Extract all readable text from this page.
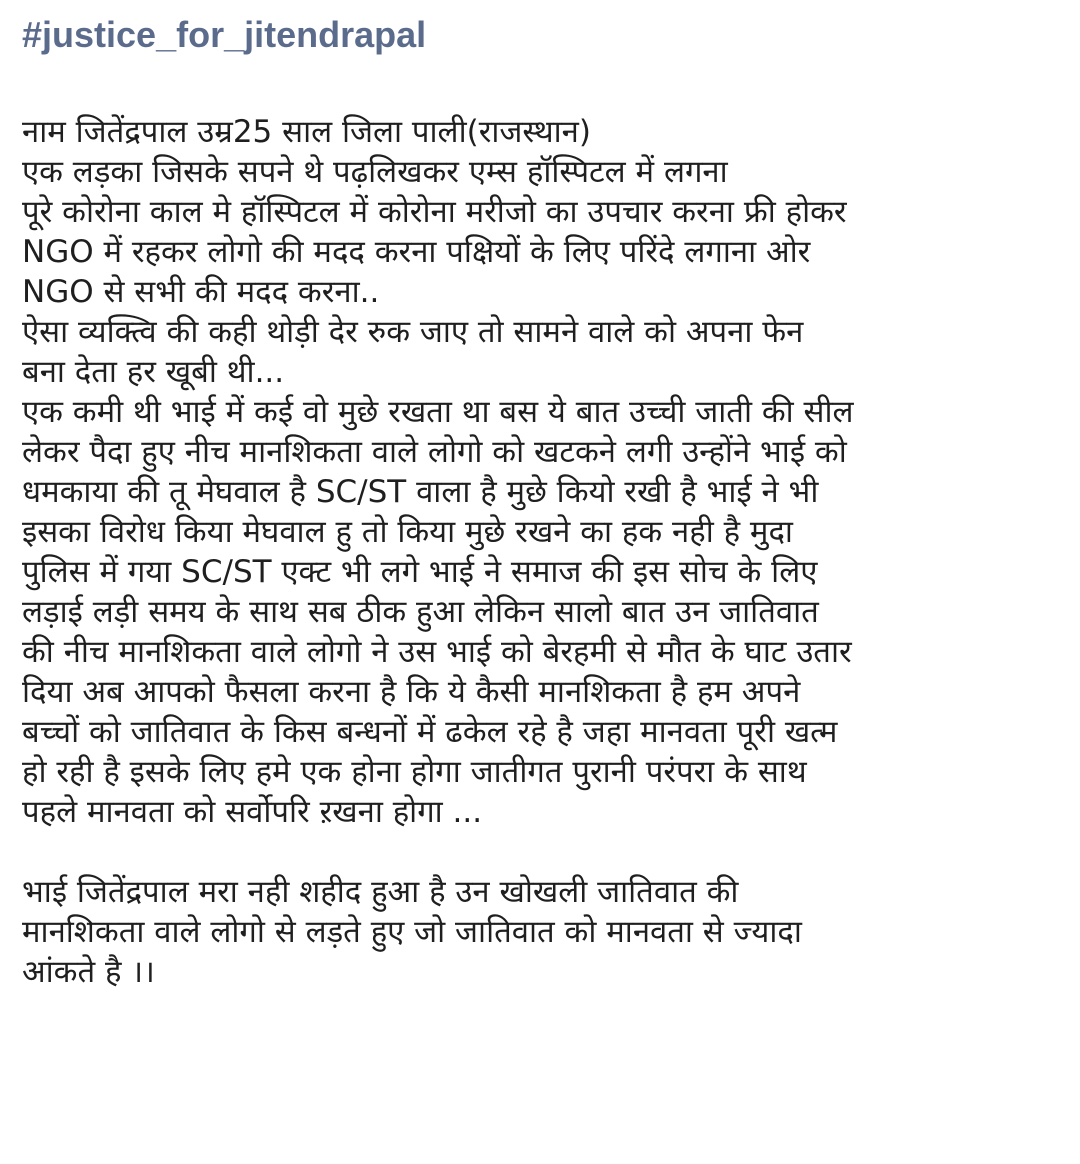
#justice_for_jitendrapal
नाम जितेंद्रपाल उम्र25 साल जिला पाली(राजस्थान)
एक लड़का जिसके सपने थे पढ़लिखकर एम्स हॉस्पिटल में लगना
पूरे कोरोना काल मे हॉस्पिटल में कोरोना मरीजो का उपचार करना फ्री होकर
NGO में रहकर लोगो की मदद करना पक्षियों के लिए परिंदे लगाना ओर
NGO से सभी की मदद करना..
ऐसा व्यक्त्वि की कही थोड़ी देर रुक जाए तो सामने वाले को अपना फेन
बना देता हर खूबी थी...
एक कमी थी भाई में कई वो मुछे रखता था बस ये बात उच्ची जाती की सील
लेकर पैदा हुए नीच मानशिकता वाले लोगो को खटकने लगी उन्होंने भाई को
धमकाया की तू मेघवाल है SC/ST वाला है मुछे कियो रखी है भाई ने भी
इसका विरोध किया मेघवाल हु तो किया मुछे रखने का हक नही है मुदा
पुलिस में गया SC/ST एक्ट भी लगे भाई ने समाज की इस सोच के लिए
लड़ाई लड़ी समय के साथ सब ठीक हुआ लेकिन सालो बात उन जातिवात
की नीच मानशिकता वाले लोगो ने उस भाई को बेरहमी से मौत के घाट उतार
दिया अब आपको फैसला करना है कि ये कैसी मानशिकता है हम अपने
बच्चों को जातिवात के किस बन्धनों में ढकेल रहे है जहा मानवता पूरी खत्म
हो रही है इसके लिए हमे एक होना होगा जातीगत पुरानी परंपरा के साथ
पहले मानवता को सर्वोपरि ऱखना होगा ...
भाई जितेंद्रपाल मरा नही शहीद हुआ है उन खोखली जातिवात की
मानशिकता वाले लोगो से लड़ते हुए जो जातिवात को मानवता से ज्यादा
आंकते है ।।
